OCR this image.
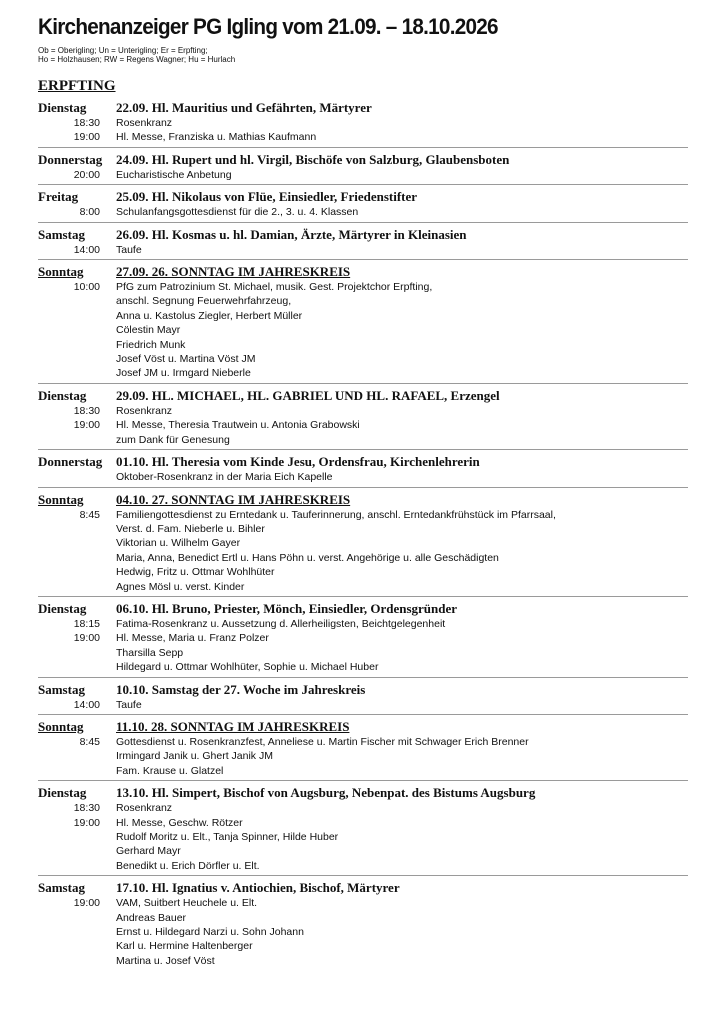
Kirchenanzeiger PG Igling vom 21.09. – 18.10.2026
Ob = Oberigling; Un = Unterigling; Er = Erpfting;
Ho = Holzhausen; RW = Regens Wagner; Hu = Hurlach
ERPFTING
Dienstag	22.09. Hl. Mauritius und Gefährten, Märtyrer
18:30 Rosenkranz
19:00 Hl. Messe, Franziska u. Mathias Kaufmann
Donnerstag	24.09. Hl. Rupert und hl. Virgil, Bischöfe von Salzburg, Glaubensboten
20:00 Eucharistische Anbetung
Freitag	25.09. Hl. Nikolaus von Flüe, Einsiedler, Friedenstifter
8:00 Schulanfangsgottesdienst für die 2., 3. u. 4. Klassen
Samstag	26.09. Hl. Kosmas u. hl. Damian, Ärzte, Märtyrer in Kleinasien
14:00 Taufe
Sonntag	27.09. 26. SONNTAG IM JAHRESKREIS
10:00 PfG zum Patrozinium St. Michael, musik. Gest. Projektchor Erpfting,
anschl. Segnung Feuerwehrfahrzeug,
Anna u. Kastolus Ziegler, Herbert Müller
Cölestin Mayr
Friedrich Munk
Josef Vöst u. Martina Vöst JM
Josef JM u. Irmgard Nieberle
Dienstag	29.09. HL. MICHAEL, HL. GABRIEL UND HL. RAFAEL, Erzengel
18:30 Rosenkranz
19:00 Hl. Messe, Theresia Trautwein u. Antonia Grabowski
zum Dank für Genesung
Donnerstag	01.10. Hl. Theresia vom Kinde Jesu, Ordensfrau, Kirchenlehrerin
Oktober-Rosenkranz in der Maria Eich Kapelle
Sonntag	04.10. 27. SONNTAG IM JAHRESKREIS
8:45 Familiengottesdienst zu Erntedank u. Tauferinnerung, anschl. Erntedankfrühstück im Pfarrsaal,
Verst. d. Fam. Nieberle u. Bihler
Viktorian u. Wilhelm Gayer
Maria, Anna, Benedict Ertl u. Hans Pöhn u. verst. Angehörige u. alle Geschädigten
Hedwig, Fritz u. Ottmar Wohlhüter
Agnes Mösl u. verst. Kinder
Dienstag	06.10. Hl. Bruno, Priester, Mönch, Einsiedler, Ordensgründer
18:15 Fatima-Rosenkranz u. Aussetzung d. Allerheiligsten, Beichtgelegenheit
19:00 Hl. Messe, Maria u. Franz Polzer
Tharsilla Sepp
Hildegard u. Ottmar Wohlhüter, Sophie u. Michael Huber
Samstag	10.10. Samstag der 27. Woche im Jahreskreis
14:00 Taufe
Sonntag	11.10. 28. SONNTAG IM JAHRESKREIS
8:45 Gottesdienst u. Rosenkranzfest, Anneliese u. Martin Fischer mit Schwager Erich Brenner
Irmingard Janik u. Ghert Janik JM
Fam. Krause u. Glatzel
Dienstag	13.10. Hl. Simpert, Bischof von Augsburg, Nebenpat. des Bistums Augsburg
18:30 Rosenkranz
19:00 Hl. Messe, Geschw. Rötzer
Rudolf Moritz u. Elt., Tanja Spinner, Hilde Huber
Gerhard Mayr
Benedikt u. Erich Dörfler u. Elt.
Samstag	17.10. Hl. Ignatius v. Antiochien, Bischof, Märtyrer
19:00 VAM, Suitbert Heuchele u. Elt.
Andreas Bauer
Ernst u. Hildegard Narzi u. Sohn Johann
Karl u. Hermine Haltenberger
Martina u. Josef Vöst
